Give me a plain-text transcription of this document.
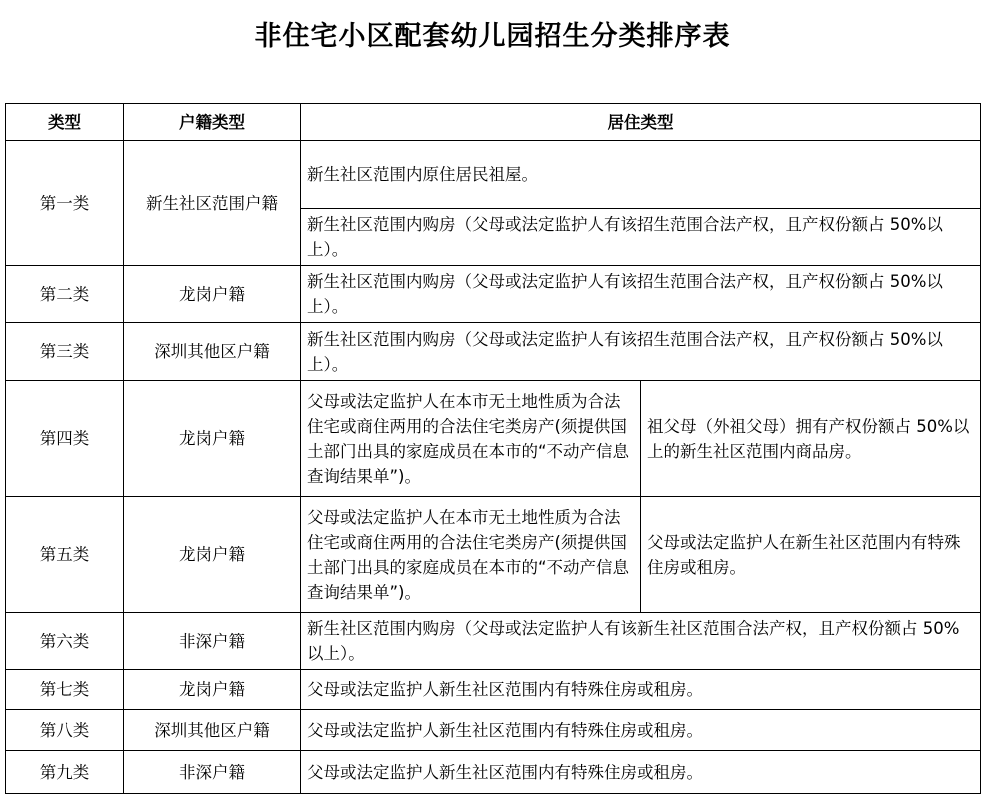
非住宅小区配套幼儿园招生分类排序表
类型	户籍类型	居住类型	
第一类	新生社区范围户籍	新生社区范围内原住居民祖屋。	
		新生社区范围内购房（父母或法定监护人有该招生范围合法产权，且产权份额占 50%以上）。	
第二类	龙岗户籍	新生社区范围内购房（父母或法定监护人有该招生范围合法产权，且产权份额占 50%以上）。	
第三类	深圳其他区户籍	新生社区范围内购房（父母或法定监护人有该招生范围合法产权，且产权份额占 50%以上）。	
第四类	龙岗户籍	父母或法定监护人在本市无土地性质为合法住宅或商住两用的合法住宅类房产(须提供国土部门出具的家庭成员在本市的“不动产信息查询结果单”)。	祖父母（外祖父母）拥有产权份额占 50%以上的新生社区范围内商品房。
第五类	龙岗户籍	父母或法定监护人在本市无土地性质为合法住宅或商住两用的合法住宅类房产(须提供国土部门出具的家庭成员在本市的“不动产信息查询结果单”)。	父母或法定监护人在新生社区范围内有特殊住房或租房。
第六类	非深户籍	新生社区范围内购房（父母或法定监护人有该新生社区范围合法产权，且产权份额占 50%以上）。	
第七类	龙岗户籍	父母或法定监护人新生社区范围内有特殊住房或租房。	
第八类	深圳其他区户籍	父母或法定监护人新生社区范围内有特殊住房或租房。	
第九类	非深户籍	父母或法定监护人新生社区范围内有特殊住房或租房。	
